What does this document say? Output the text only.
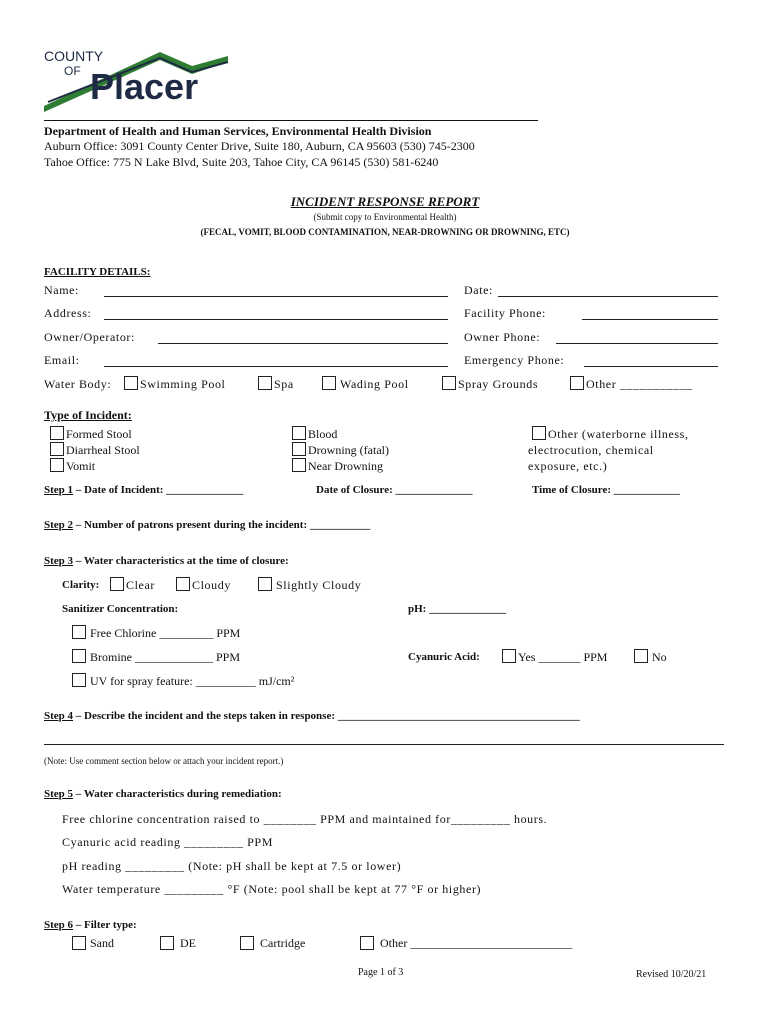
COUNTY
OF Placer
Department of Health and Human Services, Environmental Health Division
Auburn Office: 3091 County Center Drive, Suite 180, Auburn, CA 95603 (530) 745-2300
Tahoe Office: 775 N Lake Blvd, Suite 203, Tahoe City, CA 96145 (530) 581-6240
INCIDENT RESPONSE REPORT
(Submit copy to Environmental Health)
(FECAL, VOMIT, BLOOD CONTAMINATION, NEAR-DROWNING OR DROWNING, ETC)
FACILITY DETAILS:
Name:	Date:
Address:	Facility Phone:
Owner/Operator:	Owner Phone:
Email:	Emergency Phone:
Water Body: Swimming Pool	Spa	Wading Pool	Spray Grounds	Other ___________
Type of Incident:
Formed Stool
Diarrheal Stool
Vomit
Blood
Drowning (fatal)
Near Drowning
Other (waterborne illness,
electrocution, chemical
exposure, etc.)
Step 1 – Date of Incident: ______________	Date of Closure: ______________	Time of Closure: ____________
Step 2 – Number of patrons present during the incident: ___________
Step 3 – Water characteristics at the time of closure:
Clarity: Clear	Cloudy	Slightly Cloudy
Sanitizer Concentration:	pH: ______________
Free Chlorine _________ PPM
Bromine _____________ PPM	Cyanuric Acid:	Yes _______ PPM	No
UV for spray feature: __________ mJ/cm²
Step 4 – Describe the incident and the steps taken in response: ____________________________________________
(Note: Use comment section below or attach your incident report.)
Step 5 – Water characteristics during remediation:
Free chlorine concentration raised to ________ PPM and maintained for_________ hours.
Cyanuric acid reading _________ PPM
pH reading _________ (Note: pH shall be kept at 7.5 or lower)
Water temperature _________ °F (Note: pool shall be kept at 77 °F or higher)
Step 6 – Filter type:
Sand	DE	Cartridge	Other ___________________________
Page 1 of 3	Revised 10/20/21
